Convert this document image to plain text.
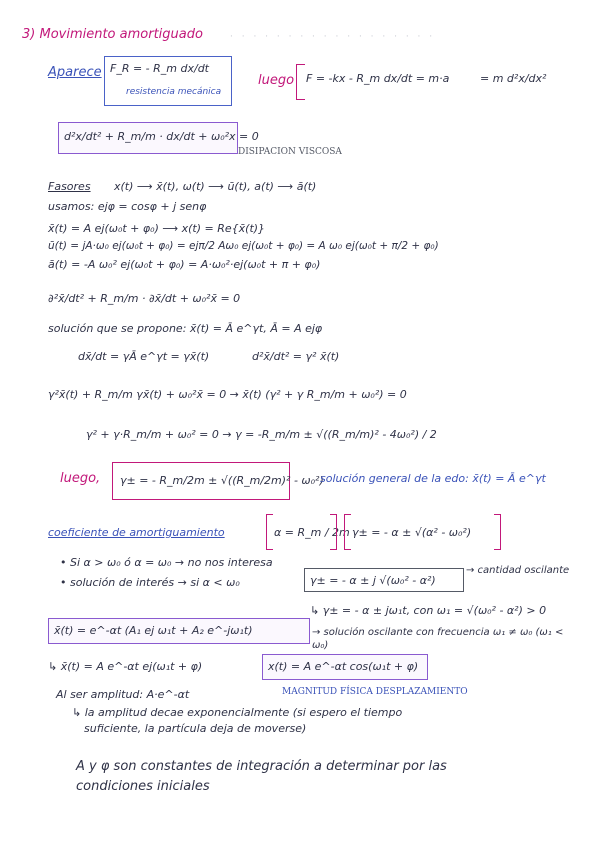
3) Movimiento amortiguado	· · · · · · · · · · · · · · · · · ·
Aparece F_R = - R_m dx/dt
resistencia mecánica
luego F = -kx - R_m dx/dt = m·a	= m d²x/dx²
d²x/dt² + R_m/m · dx/dt + ω₀²x = 0
DISIPACION VISCOSA
Fasores x(t) ⟶ x̄(t), ω(t) ⟶ ū(t), a(t) ⟶ ā(t)
usamos: ejφ = cosφ + j senφ
x̄(t) = A ej(ω₀t + φ₀) ⟶ x(t) = Re{x̄(t)}
ū(t) = jA·ω₀ ej(ω₀t + φ₀) = ejπ/2 Aω₀ ej(ω₀t + φ₀) = A ω₀ ej(ω₀t + π/2 + φ₀)
ā(t) = -A ω₀² ej(ω₀t + φ₀) = A·ω₀²·ej(ω₀t + π + φ₀)
∂²x̄/dt² + R_m/m · ∂x̄/dt + ω₀²x̄ = 0
solución que se propone: x̄(t) = Ā e^γt, Ā = A ejφ
dx̄/dt = γĀ e^γt = γx̄(t)	d²x̄/dt² = γ² x̄(t)
γ²x̄(t) + R_m/m γx̄(t) + ω₀²x̄ = 0 → x̄(t) (γ² + γ R_m/m + ω₀²) = 0
γ² + γ·R_m/m + ω₀² = 0 → γ = -R_m/m ± √((R_m/m)² - 4ω₀²) / 2
luego, γ± = - R_m/2m ± √((R_m/2m)² - ω₀²)
solución general de la edo: x̄(t) = Ā e^γt
coeficiente de amortiguamiento	α = R_m / 2m γ± = - α ± √(α² - ω₀²)
• Si α > ω₀ ó α = ω₀ → no nos interesa
• solución de interés → si α < ω₀	γ± = - α ± j √(ω₀² - α²)
→ cantidad oscilante
↳ γ± = - α ± jω₁t, con ω₁ = √(ω₀² - α²) > 0
x̄(t) = e^-αt (A₁ ej ω₁t + A₂ e^-jω₁t)	→ solución oscilante con frecuencia ω₁ ≠ ω₀ (ω₁ < ω₀)
↳ x̄(t) = A e^-αt ej(ω₁t + φ)	x(t) = A e^-αt cos(ω₁t + φ)
MAGNITUD FÍSICA DESPLAZAMIENTO
Al ser amplitud: A·e^-αt
↳ la amplitud decae exponencialmente (si espero el tiempo
suficiente, la partícula deja de moverse)
A y φ son constantes de integración a determinar por las
condiciones iniciales
